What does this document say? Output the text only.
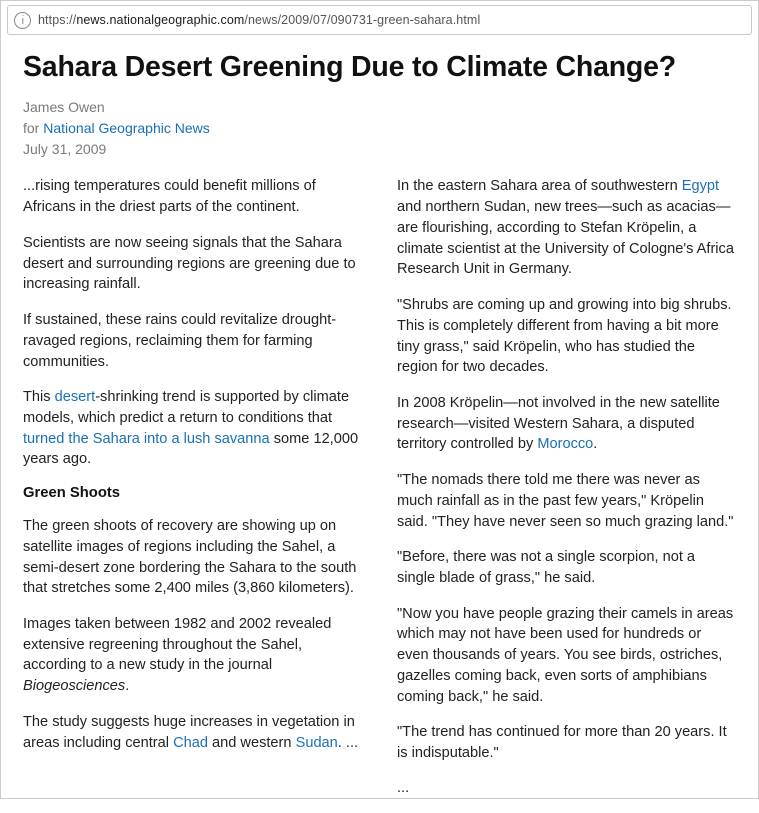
https://news.nationalgeographic.com/news/2009/07/090731-green-sahara.html
Sahara Desert Greening Due to Climate Change?
James Owen
for National Geographic News
July 31, 2009

...rising temperatures could benefit millions of Africans in the driest parts of the continent.

Scientists are now seeing signals that the Sahara desert and surrounding regions are greening due to increasing rainfall.

If sustained, these rains could revitalize drought-ravaged regions, reclaiming them for farming communities.

This desert-shrinking trend is supported by climate models, which predict a return to conditions that turned the Sahara into a lush savanna some 12,000 years ago.

Green Shoots

The green shoots of recovery are showing up on satellite images of regions including the Sahel, a semi-desert zone bordering the Sahara to the south that stretches some 2,400 miles (3,860 kilometers).

Images taken between 1982 and 2002 revealed extensive regreening throughout the Sahel, according to a new study in the journal Biogeosciences.

The study suggests huge increases in vegetation in areas including central Chad and western Sudan. ...

In the eastern Sahara area of southwestern Egypt and northern Sudan, new trees—such as acacias—are flourishing, according to Stefan Kröpelin, a climate scientist at the University of Cologne's Africa Research Unit in Germany.

"Shrubs are coming up and growing into big shrubs. This is completely different from having a bit more tiny grass," said Kröpelin, who has studied the region for two decades.

In 2008 Kröpelin—not involved in the new satellite research—visited Western Sahara, a disputed territory controlled by Morocco.

"The nomads there told me there was never as much rainfall as in the past few years," Kröpelin said. "They have never seen so much grazing land."

"Before, there was not a single scorpion, not a single blade of grass," he said.

"Now you have people grazing their camels in areas which may not have been used for hundreds or even thousands of years. You see birds, ostriches, gazelles coming back, even sorts of amphibians coming back," he said.

"The trend has continued for more than 20 years. It is indisputable."

...
